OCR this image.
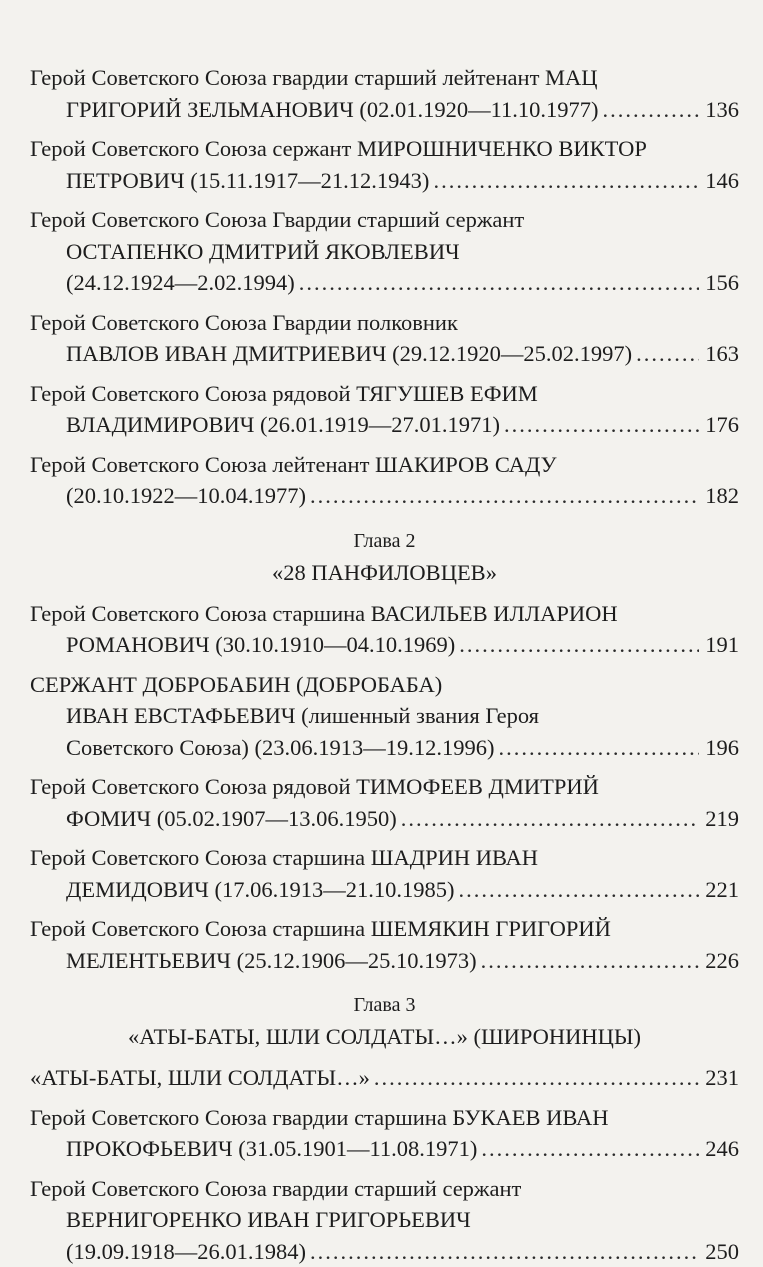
Герой Советского Союза гвардии старший лейтенант МАЦ
ГРИГОРИЙ ЗЕЛЬМАНОВИЧ (02.01.1920—11.10.1977) .....	136
Герой Советского Союза сержант МИРОШНИЧЕНКО ВИКТОР
ПЕТРОВИЧ (15.11.1917—21.12.1943) .....	146
Герой Советского Союза Гвардии старший сержант
ОСТАПЕНКО ДМИТРИЙ ЯКОВЛЕВИЧ
(24.12.1924—2.02.1994) .....	156
Герой Советского Союза Гвардии полковник
ПАВЛОВ ИВАН ДМИТРИЕВИЧ (29.12.1920—25.02.1997) .....	163
Герой Советского Союза рядовой ТЯГУШЕВ ЕФИМ
ВЛАДИМИРОВИЧ (26.01.1919—27.01.1971) .....	176
Герой Советского Союза лейтенант ШАКИРОВ САДУ
(20.10.1922—10.04.1977) .....	182
Глава 2
«28 ПАНФИЛОВЦЕВ»
Герой Советского Союза старшина ВАСИЛЬЕВ ИЛЛАРИОН
РОМАНОВИЧ (30.10.1910—04.10.1969) .....	191
СЕРЖАНТ ДОБРОБАБИН (ДОБРОБАБА)
ИВАН ЕВСТАФЬЕВИЧ (лишенный звания Героя
Советского Союза) (23.06.1913—19.12.1996) .....	196
Герой Советского Союза рядовой ТИМОФЕЕВ ДМИТРИЙ
ФОМИЧ (05.02.1907—13.06.1950) .....	219
Герой Советского Союза старшина ШАДРИН ИВАН
ДЕМИДОВИЧ (17.06.1913—21.10.1985) .....	221
Герой Советского Союза старшина ШЕМЯКИН ГРИГОРИЙ
МЕЛЕНТЬЕВИЧ (25.12.1906—25.10.1973) .....	226
Глава 3
«АТЫ-БАТЫ, ШЛИ СОЛДАТЫ…» (ШИРОНИНЦЫ)
«АТЫ-БАТЫ, ШЛИ СОЛДАТЫ…» .....	231
Герой Советского Союза гвардии старшина БУКАЕВ ИВАН
ПРОКОФЬЕВИЧ (31.05.1901—11.08.1971) .....	246
Герой Советского Союза гвардии старший сержант
ВЕРНИГОРЕНКО ИВАН ГРИГОРЬЕВИЧ
(19.09.1918—26.01.1984) .....	250
